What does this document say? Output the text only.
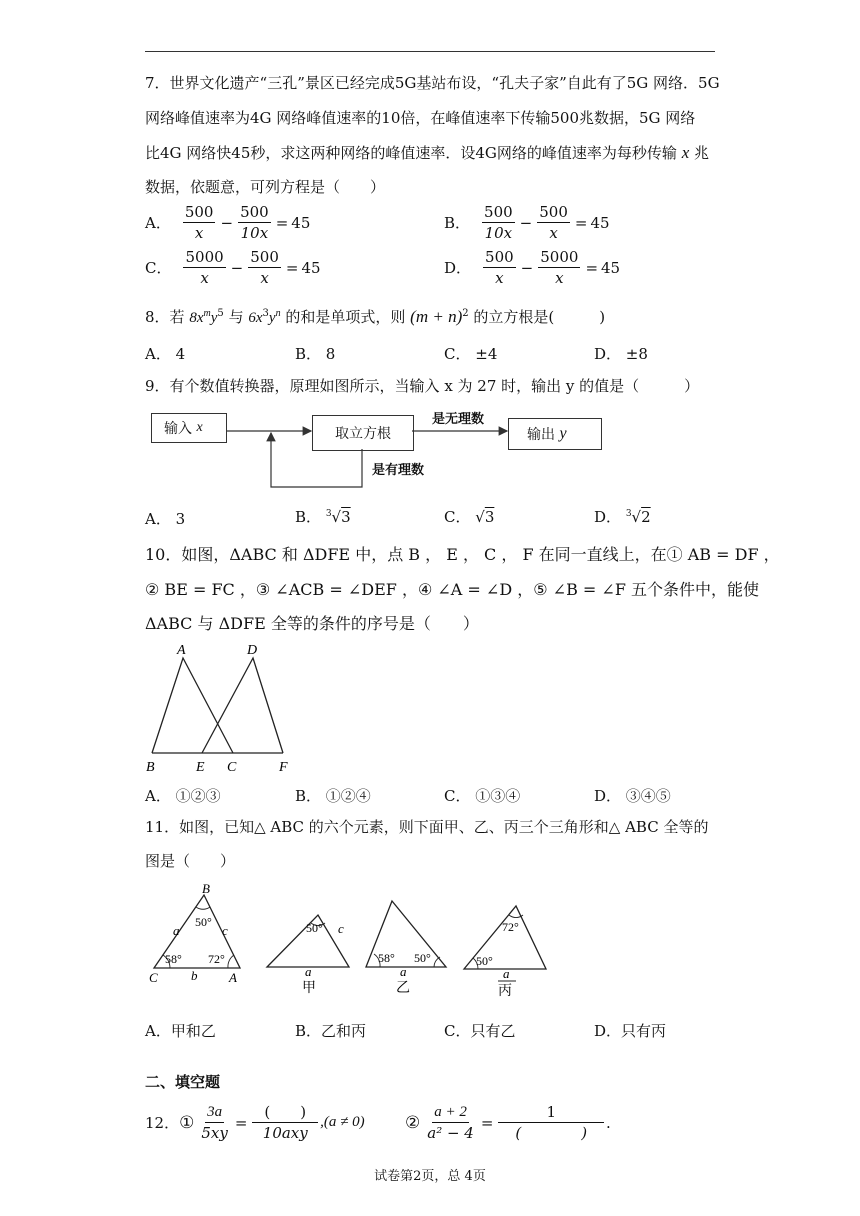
7．世界文化遗产“三孔”景区已经完成5G基站布设，“孔夫子家”自此有了5G 网络．5G
网络峰值速率为4G 网络峰值速率的10倍，在峰值速率下传输500兆数据，5G 网络
比4G 网络快45秒，求这两种网络的峰值速率．设4G网络的峰值速率为每秒传输 x 兆
数据，依题意，可列方程是（　　）
A． $\frac{500}{x} - \frac{500}{10x} = 45$	B． $\frac{500}{10x} - \frac{500}{x} = 45$
C． $\frac{5000}{x} - \frac{500}{x} = 45$	D． $\frac{500}{x} - \frac{5000}{x} = 45$
8．若 $8x^my^5$ 与 $6x^3y^n$ 的和是单项式，则 $(m + n)^2$ 的立方根是(　　　)
A． 4	B． 8	C． ±4	D． ±8
9．有个数值转换器，原理如图所示，当输入 x 为 27 时，输出 y 的值是（　　　）
输入
x	取立方根	输出
y
是无理数
是有理数
A． 3	B． $^3$√3	C． √3	D． $^3$√2
10．如图，ΔABC 和 ΔDFE 中，点 B ， E ， C ， F 在同一直线上，在① AB = DF ，
② BE = FC ，③ ∠ACB = ∠DEF ，④ ∠A = ∠D ，⑤ ∠B = ∠F 五个条件中，能使
ΔABC 与 ΔDFE 全等的条件的序号是（　　）
A	D
B	E C	F
A． ①②③	B． ①②④	C． ①③④	D． ③④⑤
11．如图，已知△ ABC 的六个元素，则下面甲、乙、丙三个三角形和△ ABC 全等的
图是（　　）
B
a	c
50°
58° 72°
C	b A
50° c
a
甲
58° 50°
a
乙
72°
50°
a
丙
A．甲和乙	B．乙和丙	C．只有乙	D．只有丙
二、填空题
12． ① $\frac{3a}{5xy} = \frac{( )}{\text{10axy}} ,(a \ne 0)$ ② $\frac{a + 2}{\text{a² − 4}} = \frac{1}{( )}$ .
试卷第2页，总 4页
